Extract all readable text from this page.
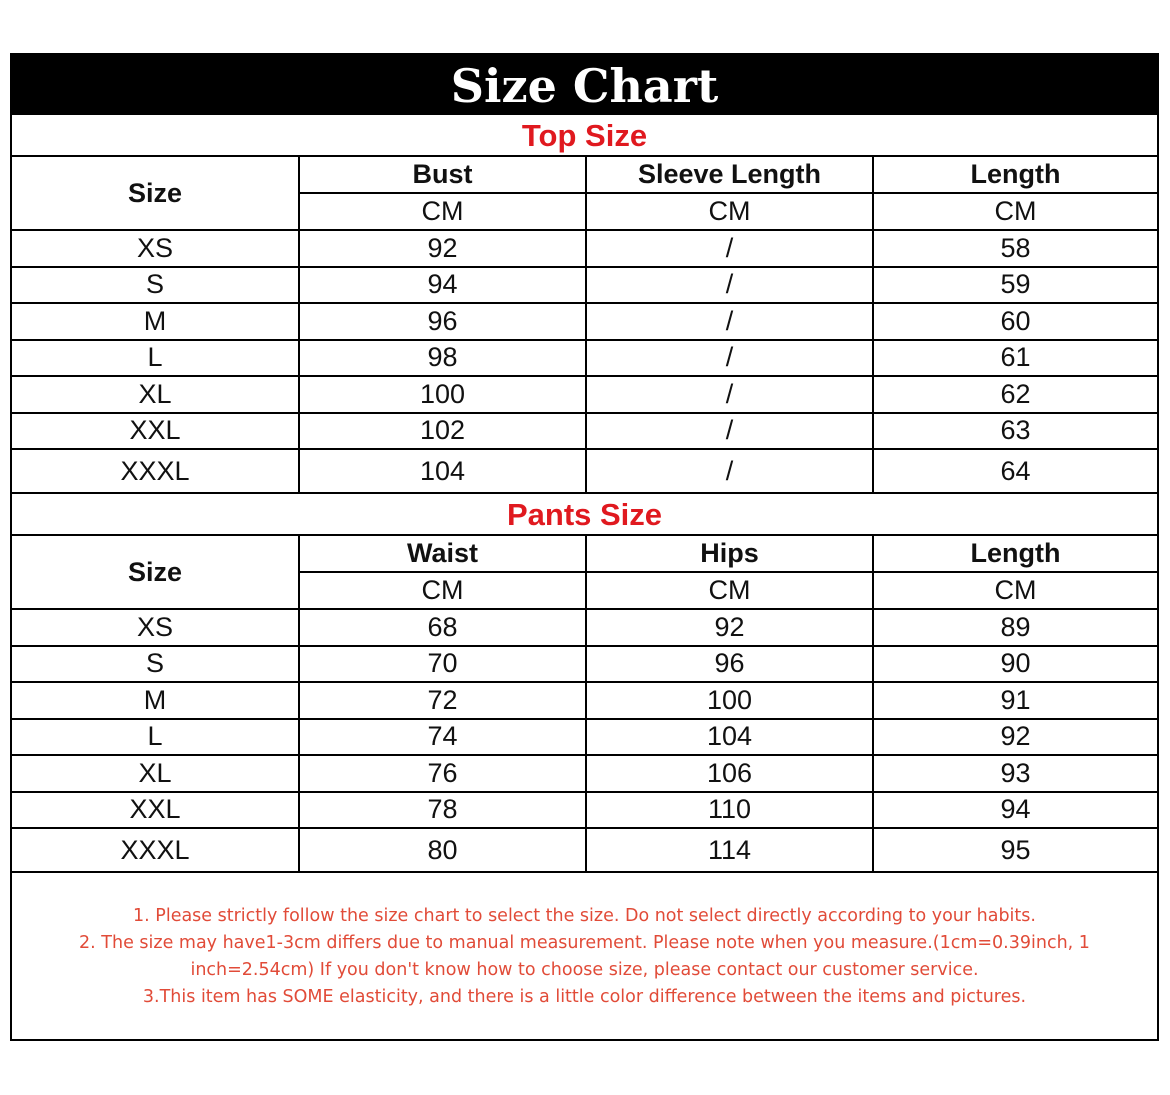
Size Chart
Top Size
Size	Bust	Sleeve Length	Length
	CM	CM	CM
XS	92	/	58
S	94	/	59
M	96	/	60
L	98	/	61
XL	100	/	62
XXL	102	/	63
XXXL	104	/	64
Pants Size
Size	Waist	Hips	Length
	CM	CM	CM
XS	68	92	89
S	70	96	90
M	72	100	91
L	74	104	92
XL	76	106	93
XXL	78	110	94
XXXL	80	114	95

1. Please strictly follow the size chart to select the size. Do not select directly according to your habits.

2. The size may have1-3cm differs due to manual measurement. Please note when you measure.(1cm=0.39inch, 1

inch=2.54cm) If you don't know how to choose size, please contact our customer service.

3.This item has SOME elasticity, and there is a little color difference between the items and pictures.
